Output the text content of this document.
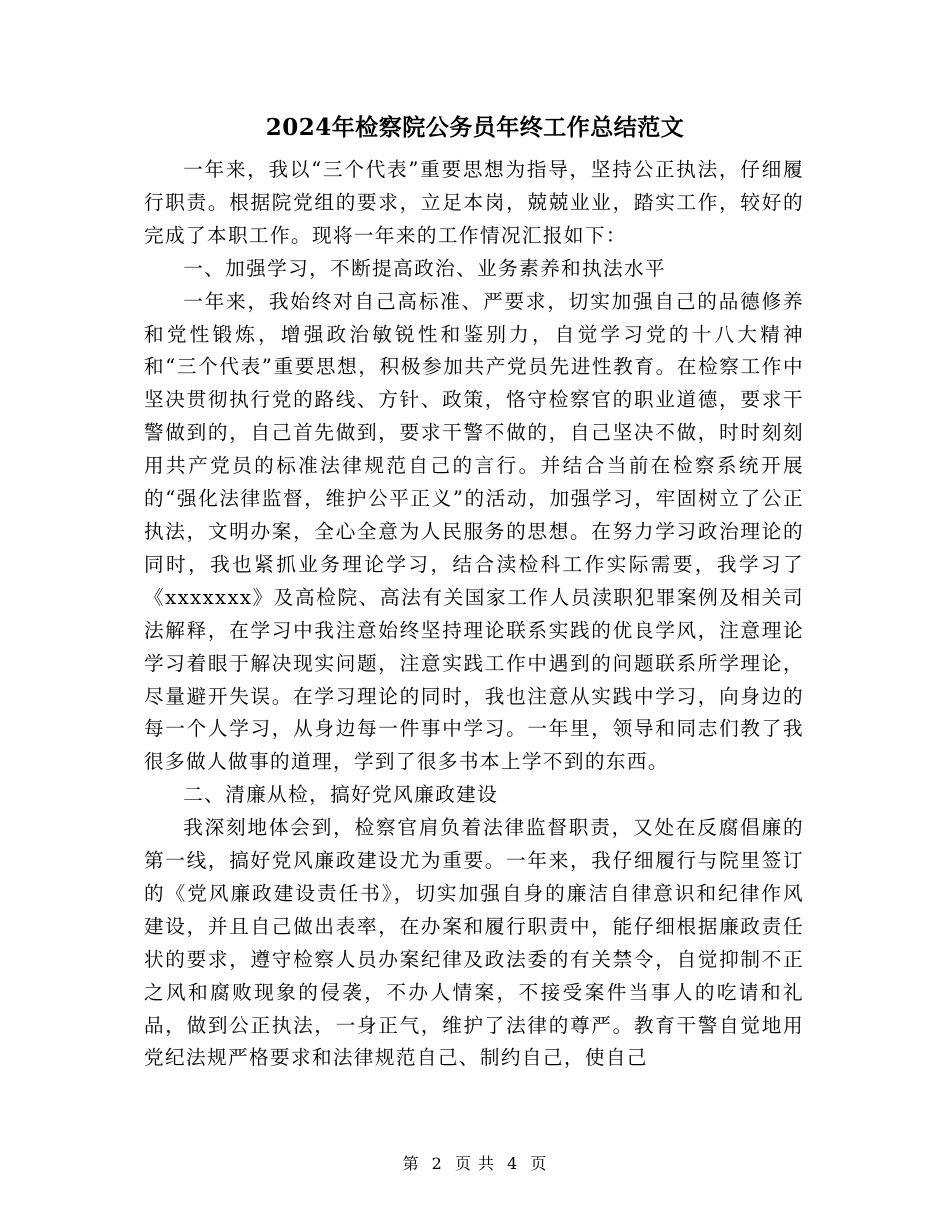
2024年检察院公务员年终工作总结范文

一年来，我以“三个代表”重要思想为指导，坚持公正执法，仔细履行职责。根据院党组的要求，立足本岗，兢兢业业，踏实工作，较好的完成了本职工作。现将一年来的工作情况汇报如下：

一、加强学习，不断提高政治、业务素养和执法水平

一年来，我始终对自己高标准、严要求，切实加强自己的品德修养和党性锻炼，增强政治敏锐性和鉴别力，自觉学习党的十八大精神和“三个代表”重要思想，积极参加共产党员先进性教育。在检察工作中坚决贯彻执行党的路线、方针、政策，恪守检察官的职业道德，要求干警做到的，自己首先做到，要求干警不做的，自己坚决不做，时时刻刻用共产党员的标准法律规范自己的言行。并结合当前在检察系统开展的“强化法律监督，维护公平正义”的活动，加强学习，牢固树立了公正执法，文明办案，全心全意为人民服务的思想。在努力学习政治理论的同时，我也紧抓业务理论学习，结合渎检科工作实际需要，我学习了《xxxxxxx》及高检院、高法有关国家工作人员渎职犯罪案例及相关司法解释，在学习中我注意始终坚持理论联系实践的优良学风，注意理论学习着眼于解决现实问题，注意实践工作中遇到的问题联系所学理论，尽量避开失误。在学习理论的同时，我也注意从实践中学习，向身边的每一个人学习，从身边每一件事中学习。一年里，领导和同志们教了我很多做人做事的道理，学到了很多书本上学不到的东西。

二、清廉从检，搞好党风廉政建设

我深刻地体会到，检察官肩负着法律监督职责，又处在反腐倡廉的第一线，搞好党风廉政建设尤为重要。一年来，我仔细履行与院里签订的《党风廉政建设责任书》，切实加强自身的廉洁自律意识和纪律作风建设，并且自己做出表率，在办案和履行职责中，能仔细根据廉政责任状的要求，遵守检察人员办案纪律及政法委的有关禁令，自觉抑制不正之风和腐败现象的侵袭，不办人情案，不接受案件当事人的吃请和礼品，做到公正执法，一身正气，维护了法律的尊严。教育干警自觉地用党纪法规严格要求和法律规范自己、制约自己，使自己

第 2 页 共 4 页
